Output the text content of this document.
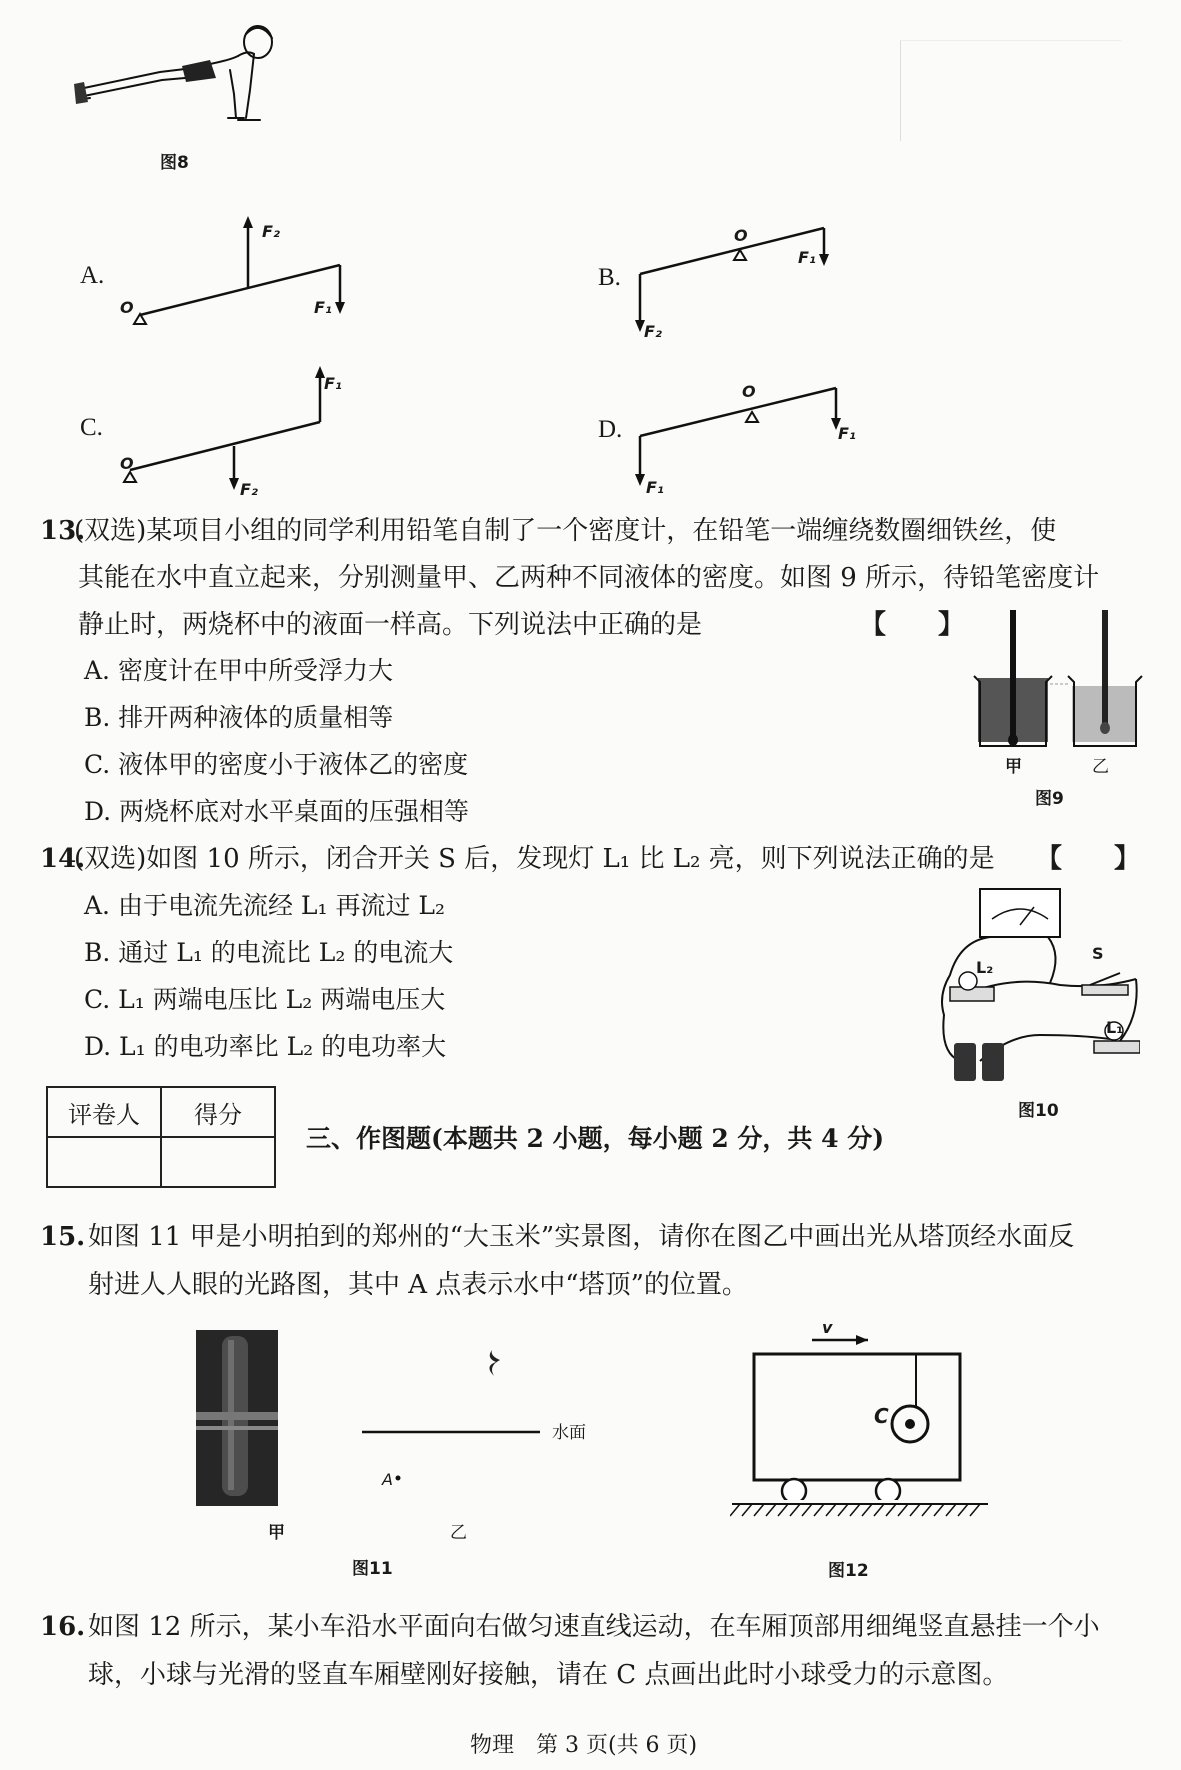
图8
A.
O
F₂
F₁
B.
O
F₁
F₂
C.
O
F₁
F₂
D.
O
F₁
F₁
13.
(双选)某项目小组的同学利用铅笔自制了一个密度计，在铅笔一端缠绕数圈细铁丝，使
其能在水中直立起来，分别测量甲、乙两种不同液体的密度。如图 9 所示，待铅笔密度计
静止时，两烧杯中的液面一样高。下列说法中正确的是	【　　】
A. 密度计在甲中所受浮力大
B. 排开两种液体的质量相等
C. 液体甲的密度小于液体乙的密度
D. 两烧杯底对水平桌面的压强相等
甲	乙
图9
14.
(双选)如图 10 所示，闭合开关 S 后，发现灯 L₁ 比 L₂ 亮，则下列说法正确的是 【　　】
A. 由于电流先流经 L₁ 再流过 L₂
B. 通过 L₁ 的电流比 L₂ 的电流大
C. L₁ 两端电压比 L₂ 两端电压大
D. L₁ 的电功率比 L₂ 的电功率大
L₂
S
L₁
图10
评卷人	得分

三、作图题(本题共 2 小题，每小题 2 分，共 4 分)
15. 如图 11 甲是小明拍到的郑州的“大玉米”实景图，请你在图乙中画出光从塔顶经水面反
射进人人眼的光路图，其中 A 点表示水中“塔顶”的位置。
甲
水面
A
乙
图11
v
C
图12
16. 如图 12 所示，某小车沿水平面向右做匀速直线运动，在车厢顶部用细绳竖直悬挂一个小
球，小球与光滑的竖直车厢壁刚好接触，请在 C 点画出此时小球受力的示意图。
物理　第 3 页(共 6 页)
